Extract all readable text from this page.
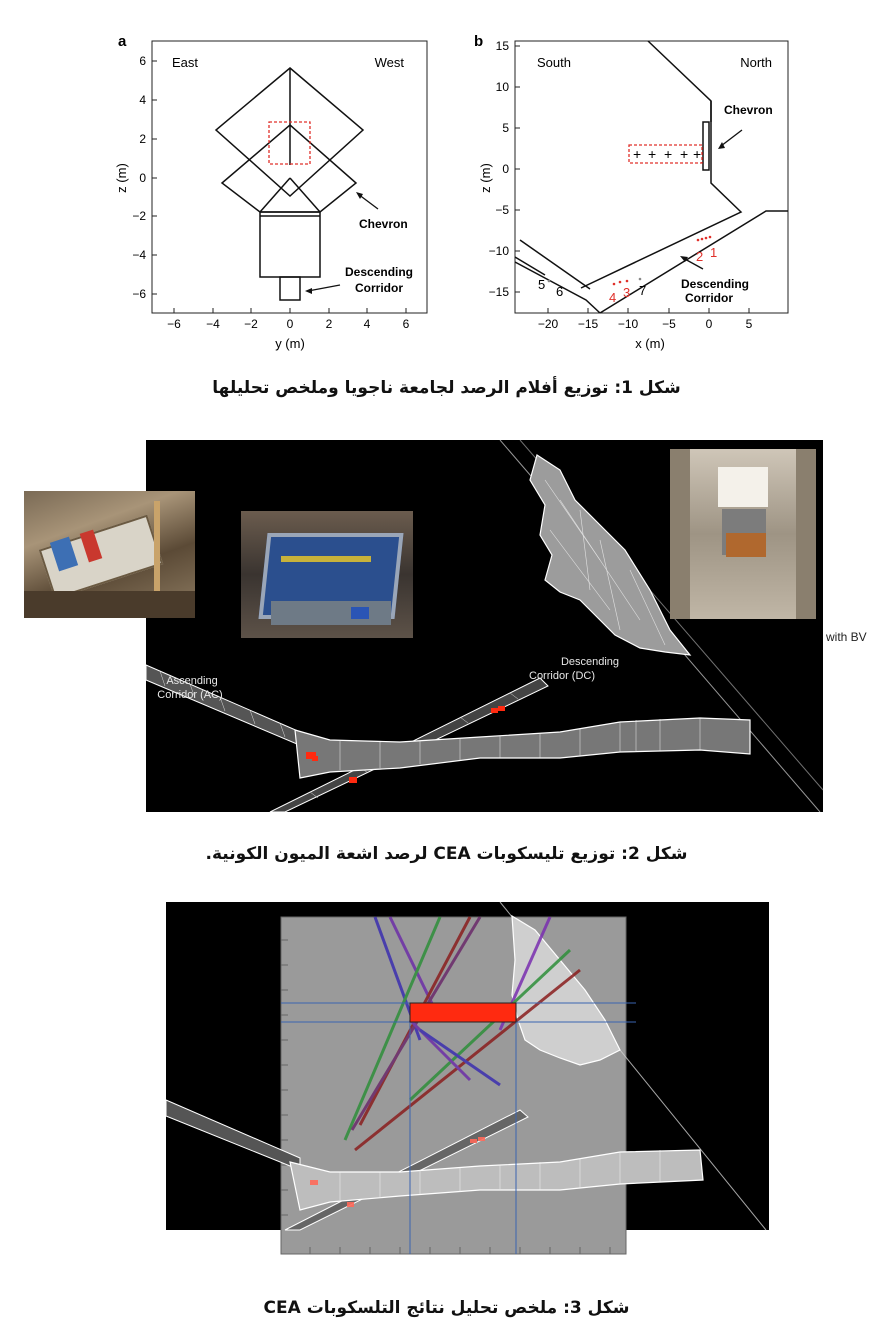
a
−6 −4 −2 0	2	4	6
y (m)
6
4
2
0
−2
−4
−6
z (m)
East	West
Chevron
Descending
Corridor
b
−20 −15 −10 −5 0	5
x (m)
15
10
5
0
−5
−10
−15
z (m)
South	North
+ + + + +
Chevron
Descending
Corridor
1
2
3
4
5 6	7
شكل 1: توزيع أفلام الرصد لجامعة ناجويا وملخص تحليلها
Ascending
Corridor (AC)
Descending
Corridor (DC)
with BV
شكل 2: توزيع تليسكوبات CEA لرصد اشعة الميون الكونية.
شكل 3: ملخص تحليل نتائج التلسكوبات CEA
